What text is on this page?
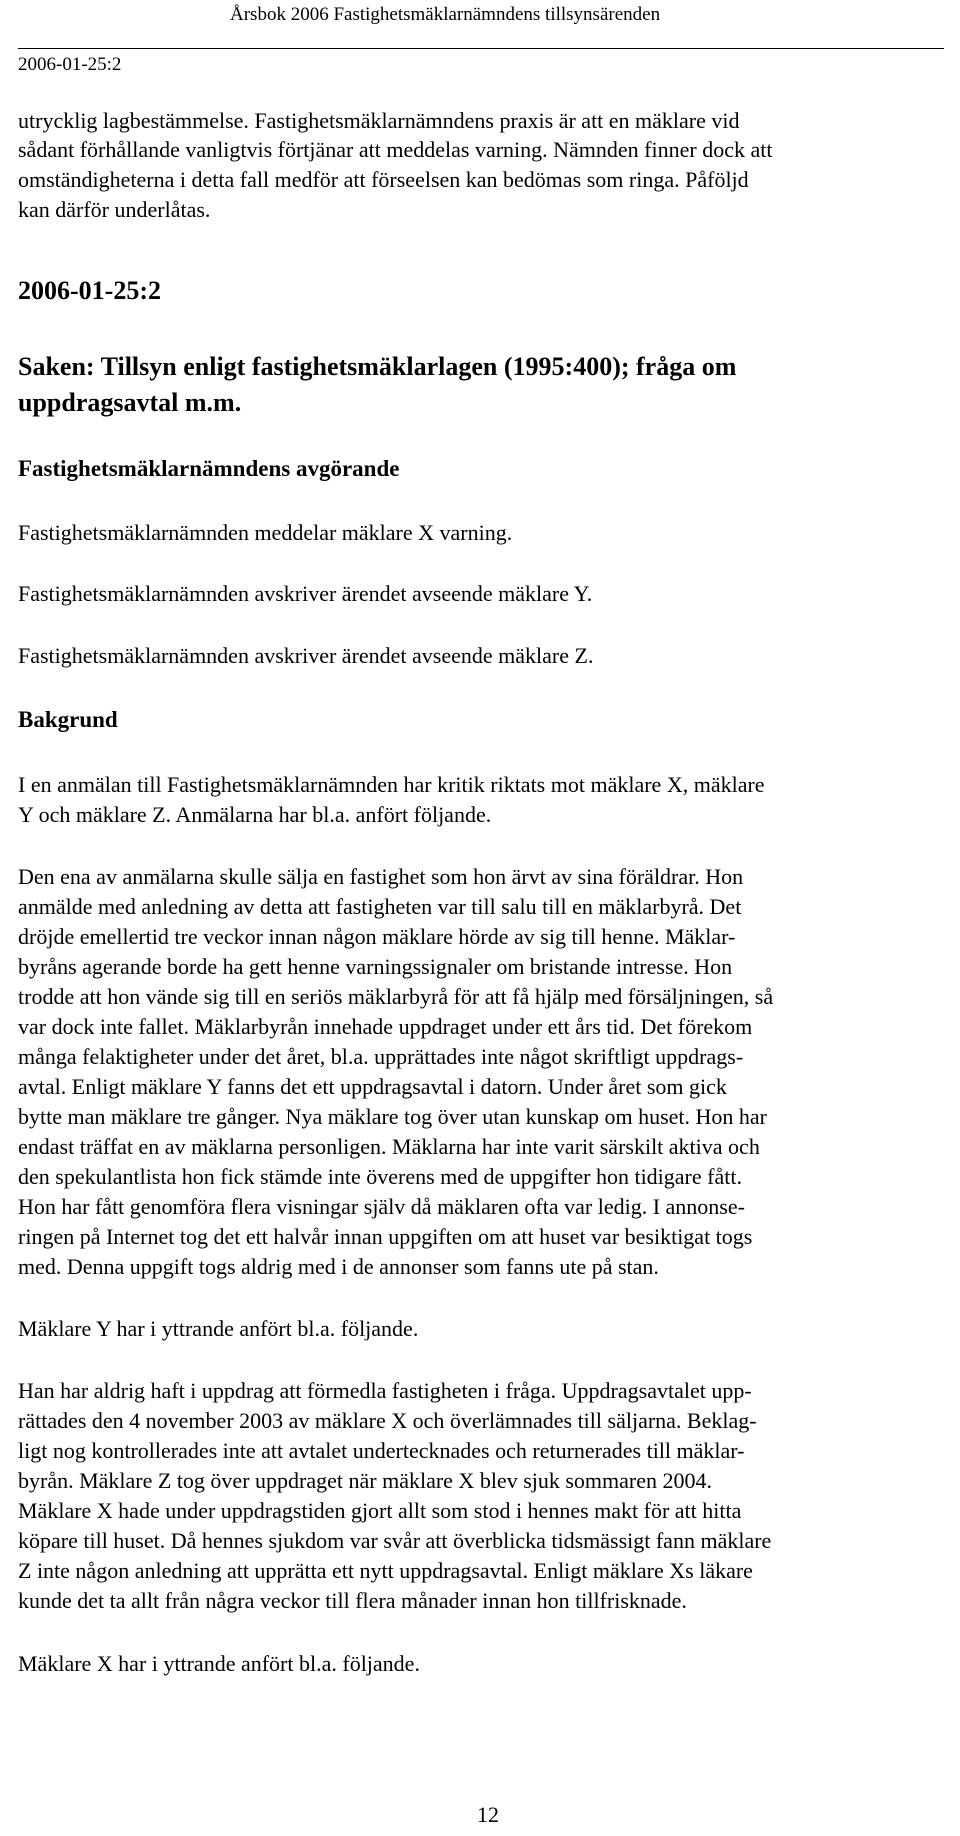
Årsbok 2006 Fastighetsmäklarnämndens tillsynsärenden
2006-01-25:2
utrycklig lagbestämmelse. Fastighetsmäklarnämndens praxis är att en mäklare vid
sådant förhållande vanligtvis förtjänar att meddelas varning. Nämnden finner dock att
omständigheterna i detta fall medför att förseelsen kan bedömas som ringa. Påföljd
kan därför underlåtas.
2006-01-25:2
Saken: Tillsyn enligt fastighetsmäklarlagen (1995:400); fråga om
uppdragsavtal m.m.
Fastighetsmäklarnämndens avgörande
Fastighetsmäklarnämnden meddelar mäklare X varning.
Fastighetsmäklarnämnden avskriver ärendet avseende mäklare Y.
Fastighetsmäklarnämnden avskriver ärendet avseende mäklare Z.
Bakgrund
I en anmälan till Fastighetsmäklarnämnden har kritik riktats mot mäklare X, mäklare
Y och mäklare Z. Anmälarna har bl.a. anfört följande.
Den ena av anmälarna skulle sälja en fastighet som hon ärvt av sina föräldrar. Hon
anmälde med anledning av detta att fastigheten var till salu till en mäklarbyrå. Det
dröjde emellertid tre veckor innan någon mäklare hörde av sig till henne. Mäklar-
byråns agerande borde ha gett henne varningssignaler om bristande intresse. Hon
trodde att hon vände sig till en seriös mäklarbyrå för att få hjälp med försäljningen, så
var dock inte fallet. Mäklarbyrån innehade uppdraget under ett års tid. Det förekom
många felaktigheter under det året, bl.a. upprättades inte något skriftligt uppdrags-
avtal. Enligt mäklare Y fanns det ett uppdragsavtal i datorn. Under året som gick
bytte man mäklare tre gånger. Nya mäklare tog över utan kunskap om huset. Hon har
endast träffat en av mäklarna personligen. Mäklarna har inte varit särskilt aktiva och
den spekulantlista hon fick stämde inte överens med de uppgifter hon tidigare fått.
Hon har fått genomföra flera visningar själv då mäklaren ofta var ledig. I annonse-
ringen på Internet tog det ett halvår innan uppgiften om att huset var besiktigat togs
med. Denna uppgift togs aldrig med i de annonser som fanns ute på stan.
Mäklare Y har i yttrande anfört bl.a. följande.
Han har aldrig haft i uppdrag att förmedla fastigheten i fråga. Uppdragsavtalet upp-
rättades den 4 november 2003 av mäklare X och överlämnades till säljarna. Beklag-
ligt nog kontrollerades inte att avtalet undertecknades och returnerades till mäklar-
byrån. Mäklare Z tog över uppdraget när mäklare X blev sjuk sommaren 2004.
Mäklare X hade under uppdragstiden gjort allt som stod i hennes makt för att hitta
köpare till huset. Då hennes sjukdom var svår att överblicka tidsmässigt fann mäklare
Z inte någon anledning att upprätta ett nytt uppdragsavtal. Enligt mäklare Xs läkare
kunde det ta allt från några veckor till flera månader innan hon tillfrisknade.
Mäklare X har i yttrande anfört bl.a. följande.
12
